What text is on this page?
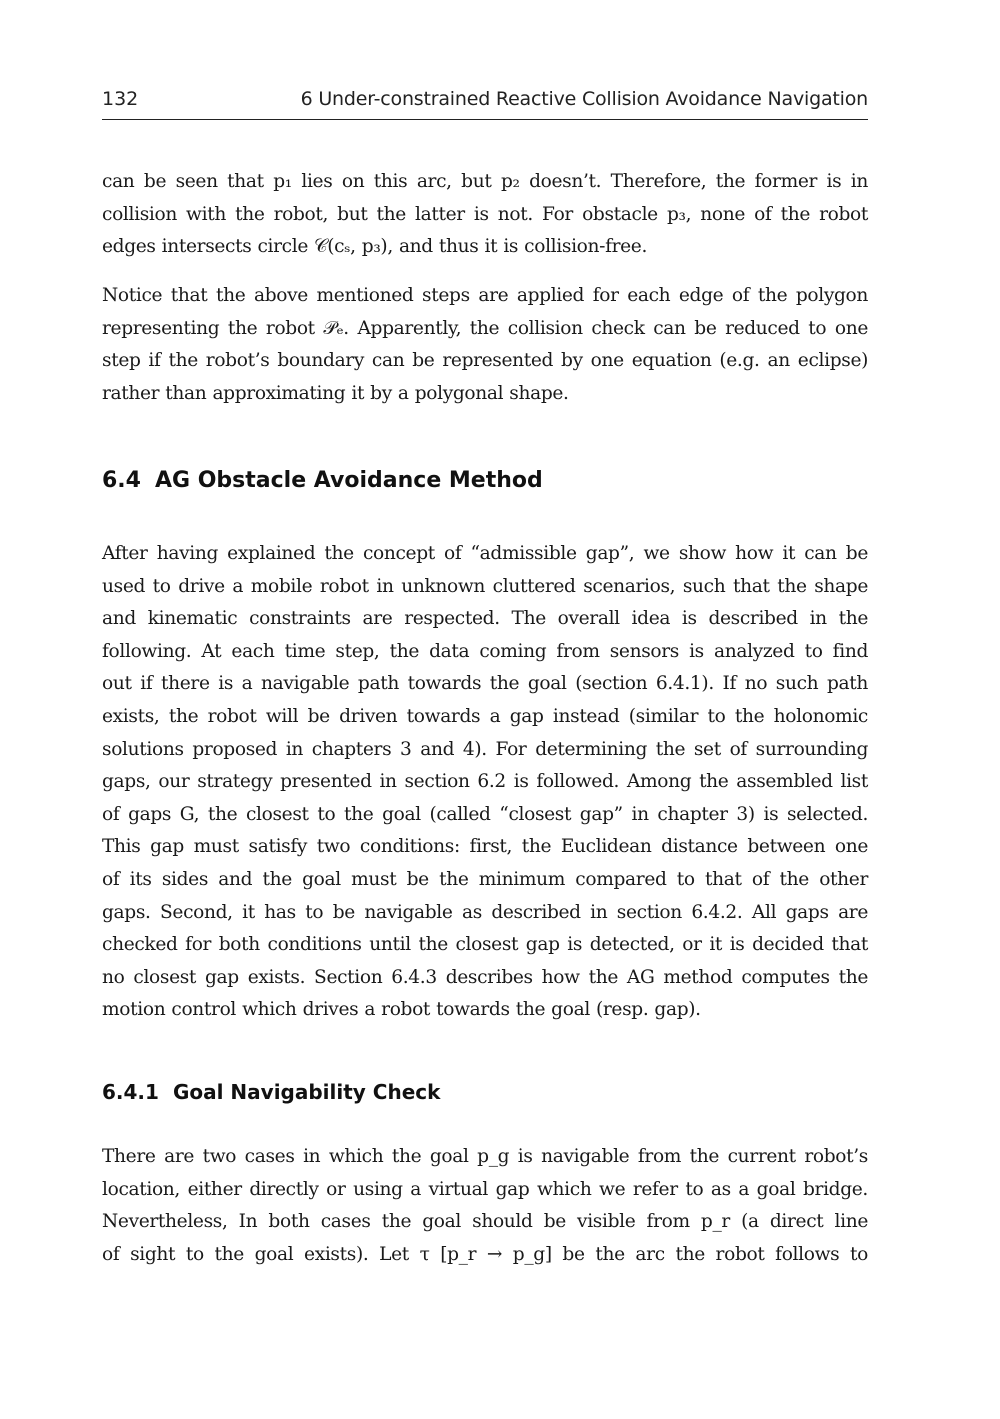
132	6 Under-constrained Reactive Collision Avoidance Navigation
can be seen that p₁ lies on this arc, but p₂ doesn’t. Therefore, the former is in
collision with the robot, but the latter is not. For obstacle p₃, none of the robot
edges intersects circle 𝒞(cₛ, p₃), and thus it is collision-free.
Notice that the above mentioned steps are applied for each edge of the polygon
representing the robot 𝒫ₑ. Apparently, the collision check can be reduced to one
step if the robot’s boundary can be represented by one equation (e.g. an eclipse)
rather than approximating it by a polygonal shape.
6.4 AG Obstacle Avoidance Method
After having explained the concept of “admissible gap”, we show how it can be
used to drive a mobile robot in unknown cluttered scenarios, such that the shape
and kinematic constraints are respected. The overall idea is described in the
following. At each time step, the data coming from sensors is analyzed to find
out if there is a navigable path towards the goal (section 6.4.1). If no such path
exists, the robot will be driven towards a gap instead (similar to the holonomic
solutions proposed in chapters 3 and 4). For determining the set of surrounding
gaps, our strategy presented in section 6.2 is followed. Among the assembled list
of gaps G, the closest to the goal (called “closest gap” in chapter 3) is selected.
This gap must satisfy two conditions: first, the Euclidean distance between one
of its sides and the goal must be the minimum compared to that of the other
gaps. Second, it has to be navigable as described in section 6.4.2. All gaps are
checked for both conditions until the closest gap is detected, or it is decided that
no closest gap exists. Section 6.4.3 describes how the AG method computes the
motion control which drives a robot towards the goal (resp. gap).
6.4.1 Goal Navigability Check
There are two cases in which the goal p_g is navigable from the current robot’s
location, either directly or using a virtual gap which we refer to as a goal bridge.
Nevertheless, In both cases the goal should be visible from p_r (a direct line
of sight to the goal exists). Let τ [p_r → p_g] be the arc the robot follows to
